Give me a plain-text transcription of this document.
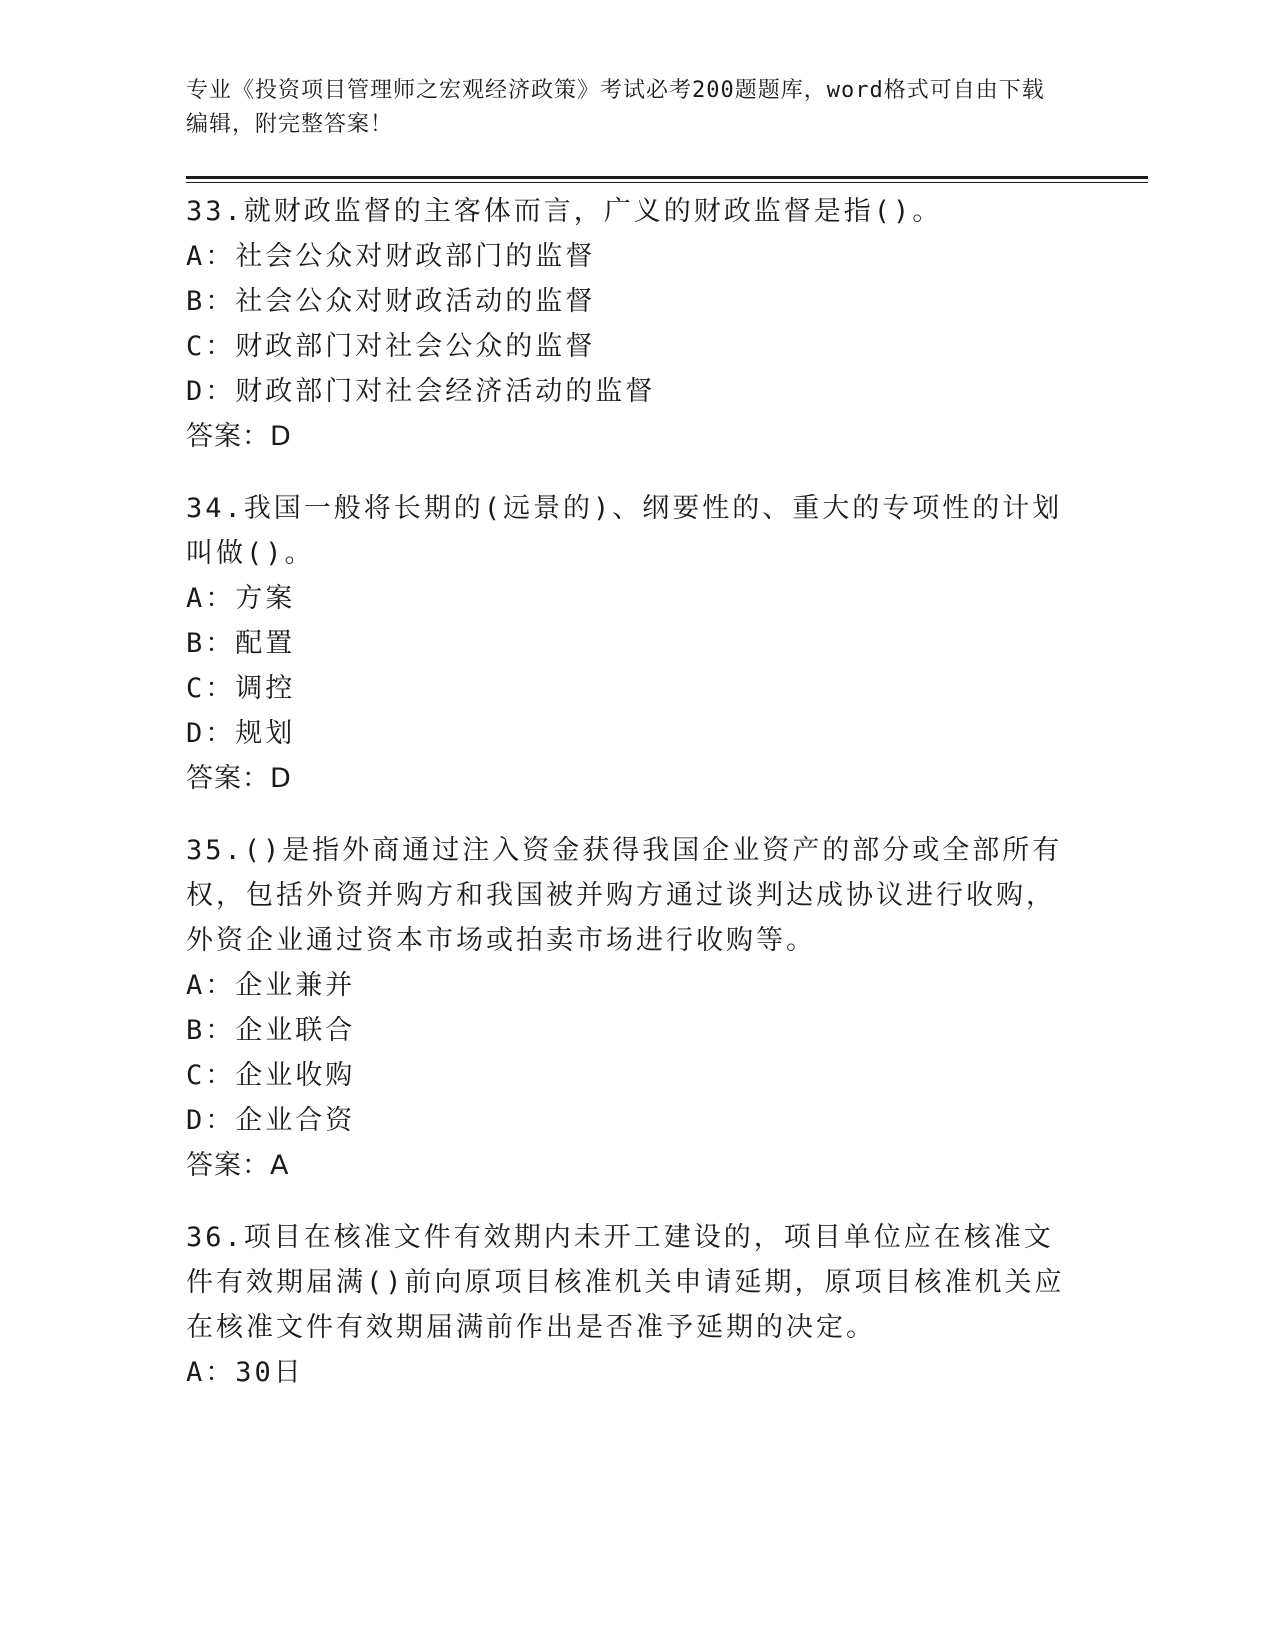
专业《投资项目管理师之宏观经济政策》考试必考200题题库，word格式可自由下载编辑，附完整答案！
33.就财政监督的主客体而言，广义的财政监督是指()。
A：社会公众对财政部门的监督
B：社会公众对财政活动的监督
C：财政部门对社会公众的监督
D：财政部门对社会经济活动的监督
答案：D
34.我国一般将长期的(远景的)、纲要性的、重大的专项性的计划叫做()。
A：方案
B：配置
C：调控
D：规划
答案：D
35.()是指外商通过注入资金获得我国企业资产的部分或全部所有权，包括外资并购方和我国被并购方通过谈判达成协议进行收购，外资企业通过资本市场或拍卖市场进行收购等。
A：企业兼并
B：企业联合
C：企业收购
D：企业合资
答案：A
36.项目在核准文件有效期内未开工建设的，项目单位应在核准文件有效期届满()前向原项目核准机关申请延期，原项目核准机关应在核准文件有效期届满前作出是否准予延期的决定。
A：30日
